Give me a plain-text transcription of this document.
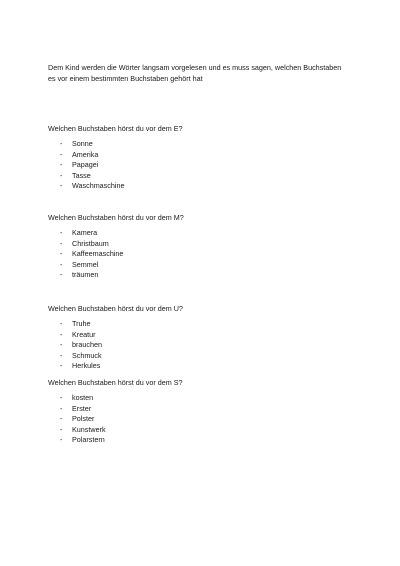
Dem Kind werden die Wörter langsam vorgelesen und es muss sagen, welchen Buchstaben
es vor einem bestimmten Buchstaben gehört hat
Welchen Buchstaben hörst du vor dem E?
- Sonne
- Amerika
- Papagei
- Tasse
- Waschmaschine
Welchen Buchstaben hörst du vor dem M?
- Kamera
- Christbaum
- Kaffeemaschine
- Semmel
- träumen
Welchen Buchstaben hörst du vor dem U?
- Truhe
- Kreatur
- brauchen
- Schmuck
- Herkules
Welchen Buchstaben hörst du vor dem S?
- kosten
- Erster
- Polster
- Kunstwerk
- Polarstern
